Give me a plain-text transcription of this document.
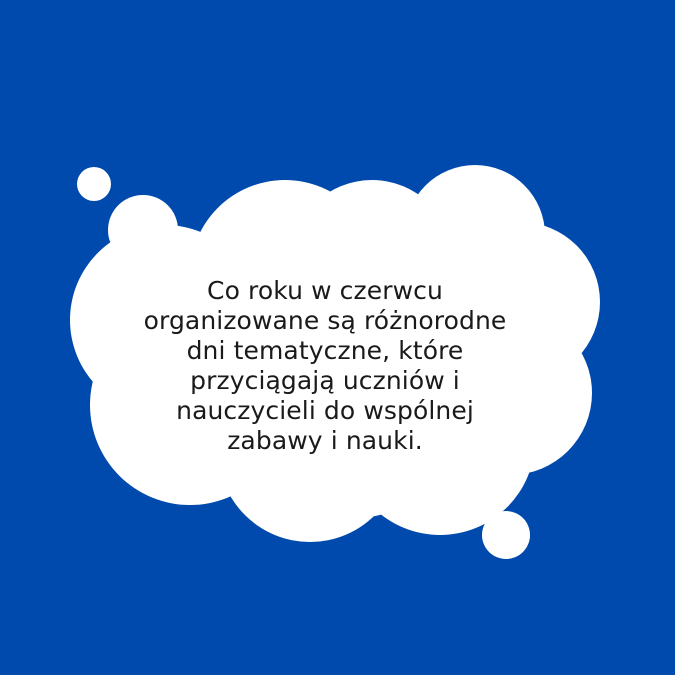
Co roku w czerwcu
organizowane są różnorodne
dni tematyczne, które
przyciągają uczniów i
nauczycieli do wspólnej
zabawy i nauki.
